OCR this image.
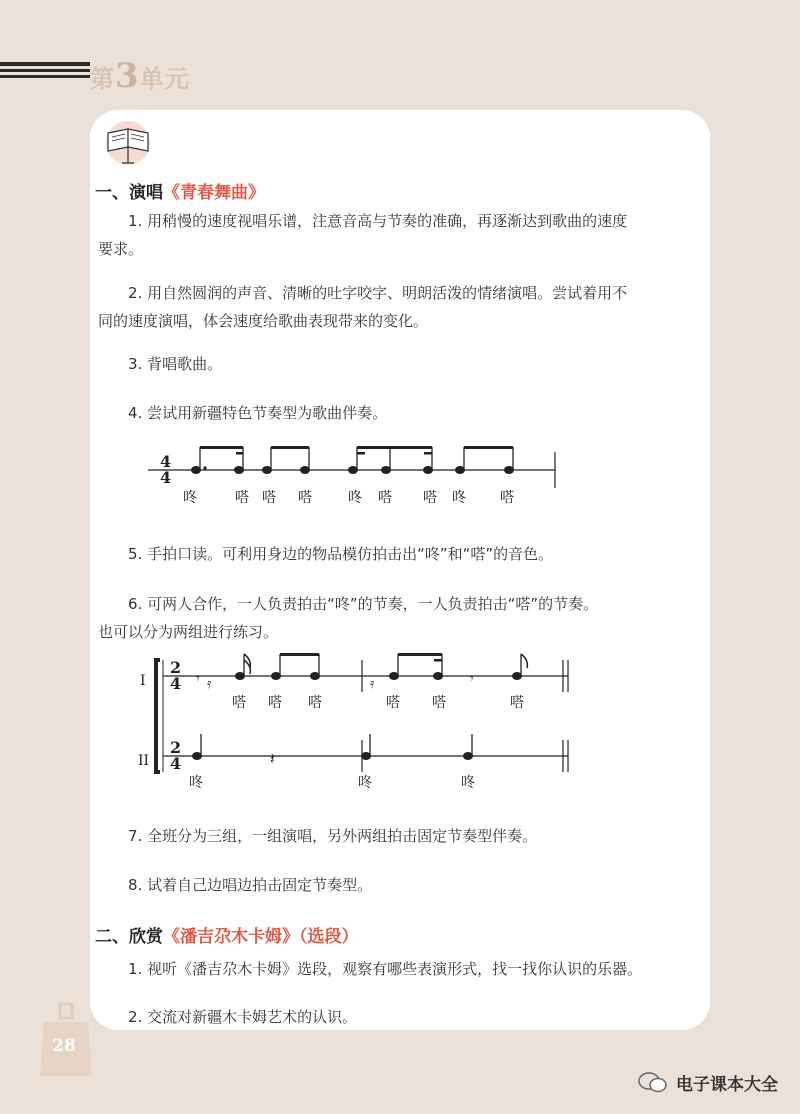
第3单元
一、演唱《青春舞曲》
1. 用稍慢的速度视唱乐谱，注意音高与节奏的准确，再逐渐达到歌曲的速度
要求。
2. 用自然圆润的声音、清晰的吐字咬字、明朗活泼的情绪演唱。尝试着用不
同的速度演唱，体会速度给歌曲表现带来的变化。
3. 背唱歌曲。
4. 尝试用新疆特色节奏型为歌曲伴奏。
4
4
咚	嗒 嗒 嗒	咚 嗒 嗒 咚 嗒
5. 手拍口读。可利用身边的物品模仿拍击出“咚”和“嗒”的音色。
6. 可两人合作，一人负责拍击“咚”的节奏，一人负责拍击“嗒”的节奏。
也可以分为两组进行练习。
I
II
2
4
2
4
𝄾 𝄿	𝄿	𝄾
𝄽
嗒 嗒 嗒	嗒 嗒	嗒
咚	咚	咚
7. 全班分为三组，一组演唱，另外两组拍击固定节奏型伴奏。
8. 试着自己边唱边拍击固定节奏型。
二、欣赏《潘吉尕木卡姆》（选段）
1. 视听《潘吉尕木卡姆》选段，观察有哪些表演形式，找一找你认识的乐器。
2. 交流对新疆木卡姆艺术的认识。
28
电子课本大全
